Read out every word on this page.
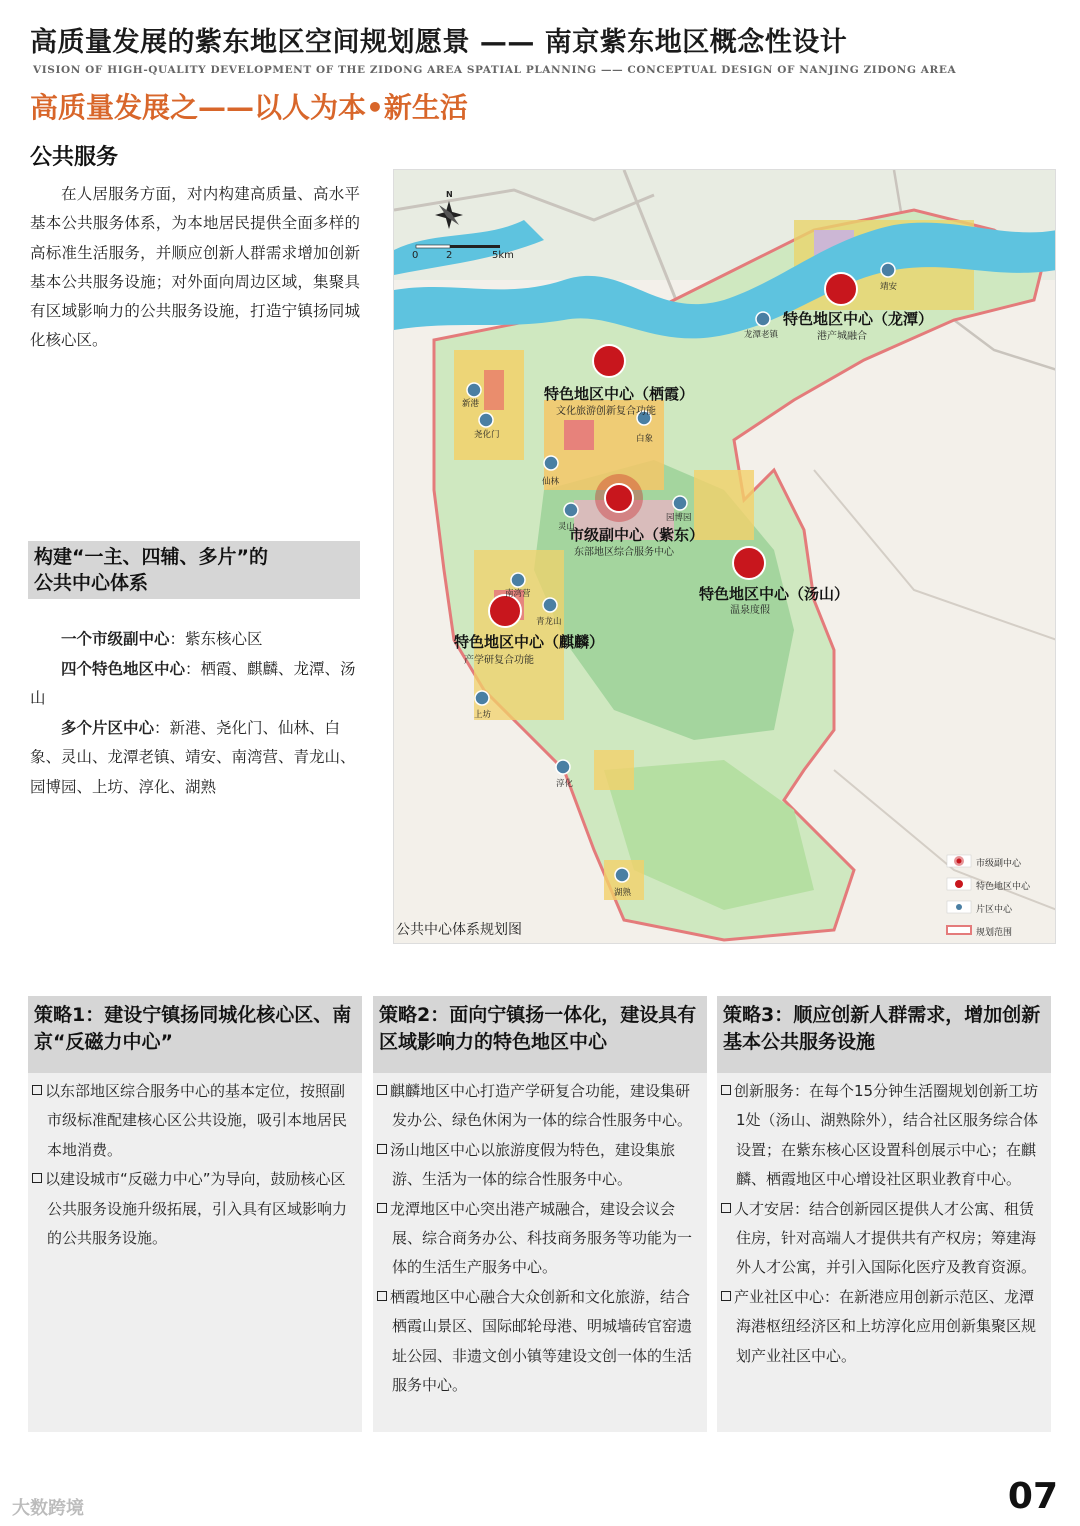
高质量发展的紫东地区空间规划愿景 —— 南京紫东地区概念性设计
VISION OF HIGH-QUALITY DEVELOPMENT OF THE ZIDONG AREA SPATIAL PLANNING —— CONCEPTUAL DESIGN OF NANJING ZIDONG AREA
高质量发展之——以人为本•新生活
公共服务
在人居服务方面，对内构建高质量、高水平基本公共服务体系，为本地居民提供全面多样的高标准生活服务，并顺应创新人群需求增加创新基本公共服务设施；对外面向周边区域，集聚具有区域影响力的公共服务设施，打造宁镇扬同城化核心区。
构建“一主、四辅、多片”的
公共中心体系

一个市级副中心：紫东核心区

四个特色地区中心：栖霞、麒麟、龙潭、汤山

多个片区中心：新港、尧化门、仙林、白象、灵山、龙潭老镇、靖安、南湾营、青龙山、园博园、上坊、淳化、湖熟

0	2	5km
N
特色地区中心（龙潭）
港产城融合
特色地区中心（栖霞）
文化旅游创新复合功能
市级副中心（紫东）
东部地区综合服务中心
特色地区中心（汤山）
温泉度假
特色地区中心（麒麟）
产学研复合功能
靖安
龙潭老镇
新港
尧化门	白象
仙林
园博园
灵山
南湾营
青龙山
上坊
淳化
湖熟
市级副中心
特色地区中心
片区中心
规划范围
公共中心体系规划图
策略1：建设宁镇扬同城化核心区、南京“反磁力中心”

以东部地区综合服务中心的基本定位，按照副市级标准配建核心区公共设施，吸引本地居民本地消费。

以建设城市“反磁力中心”为导向，鼓励核心区公共服务设施升级拓展，引入具有区域影响力的公共服务设施。

策略2：面向宁镇扬一体化，建设具有区域影响力的特色地区中心

麒麟地区中心打造产学研复合功能，建设集研发办公、绿色休闲为一体的综合性服务中心。

汤山地区中心以旅游度假为特色，建设集旅游、生活为一体的综合性服务中心。

龙潭地区中心突出港产城融合，建设会议会展、综合商务办公、科技商务服务等功能为一体的生活生产服务中心。

栖霞地区中心融合大众创新和文化旅游，结合栖霞山景区、国际邮轮母港、明城墙砖官窑遗址公园、非遗文创小镇等建设文创一体的生活服务中心。

策略3：顺应创新人群需求，增加创新基本公共服务设施

创新服务：在每个15分钟生活圈规划创新工坊1处（汤山、湖熟除外），结合社区服务综合体设置；在紫东核心区设置科创展示中心；在麒麟、栖霞地区中心增设社区职业教育中心。

人才安居：结合创新园区提供人才公寓、租赁住房，针对高端人才提供共有产权房；筹建海外人才公寓，并引入国际化医疗及教育资源。

产业社区中心：在新港应用创新示范区、龙潭海港枢纽经济区和上坊淳化应用创新集聚区规划产业社区中心。

大数跨境	07
